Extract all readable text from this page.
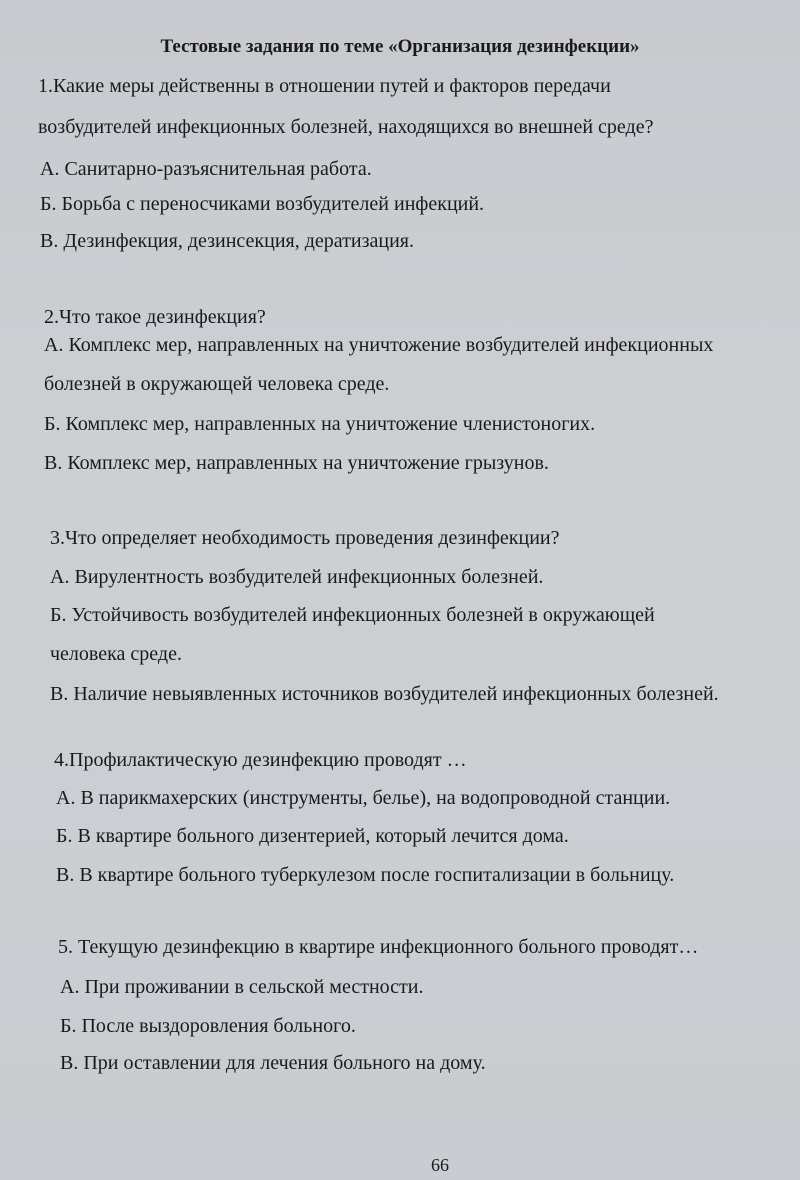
Тестовые задания по теме «Организация дезинфекции»
1.Какие меры действенны в отношении путей и факторов передачи
возбудителей инфекционных болезней, находящихся во внешней среде?
А. Санитарно-разъяснительная работа.
Б. Борьба с переносчиками возбудителей инфекций.
В. Дезинфекция, дезинсекция, дератизация.
2.Что такое дезинфекция?
А. Комплекс мер, направленных на уничтожение возбудителей инфекционных
болезней в окружающей человека среде.
Б. Комплекс мер, направленных на уничтожение членистоногих.
В. Комплекс мер, направленных на уничтожение грызунов.
3.Что определяет необходимость проведения дезинфекции?
А. Вирулентность возбудителей инфекционных болезней.
Б. Устойчивость возбудителей инфекционных болезней в окружающей
человека среде.
В. Наличие невыявленных источников возбудителей инфекционных болезней.
4.Профилактическую дезинфекцию проводят …
А. В парикмахерских (инструменты, белье), на водопроводной станции.
Б. В квартире больного дизентерией, который лечится дома.
В. В квартире больного туберкулезом после госпитализации в больницу.
5. Текущую дезинфекцию в квартире инфекционного больного проводят…
А. При проживании в сельской местности.
Б. После выздоровления больного.
В. При оставлении для лечения больного на дому.
66
